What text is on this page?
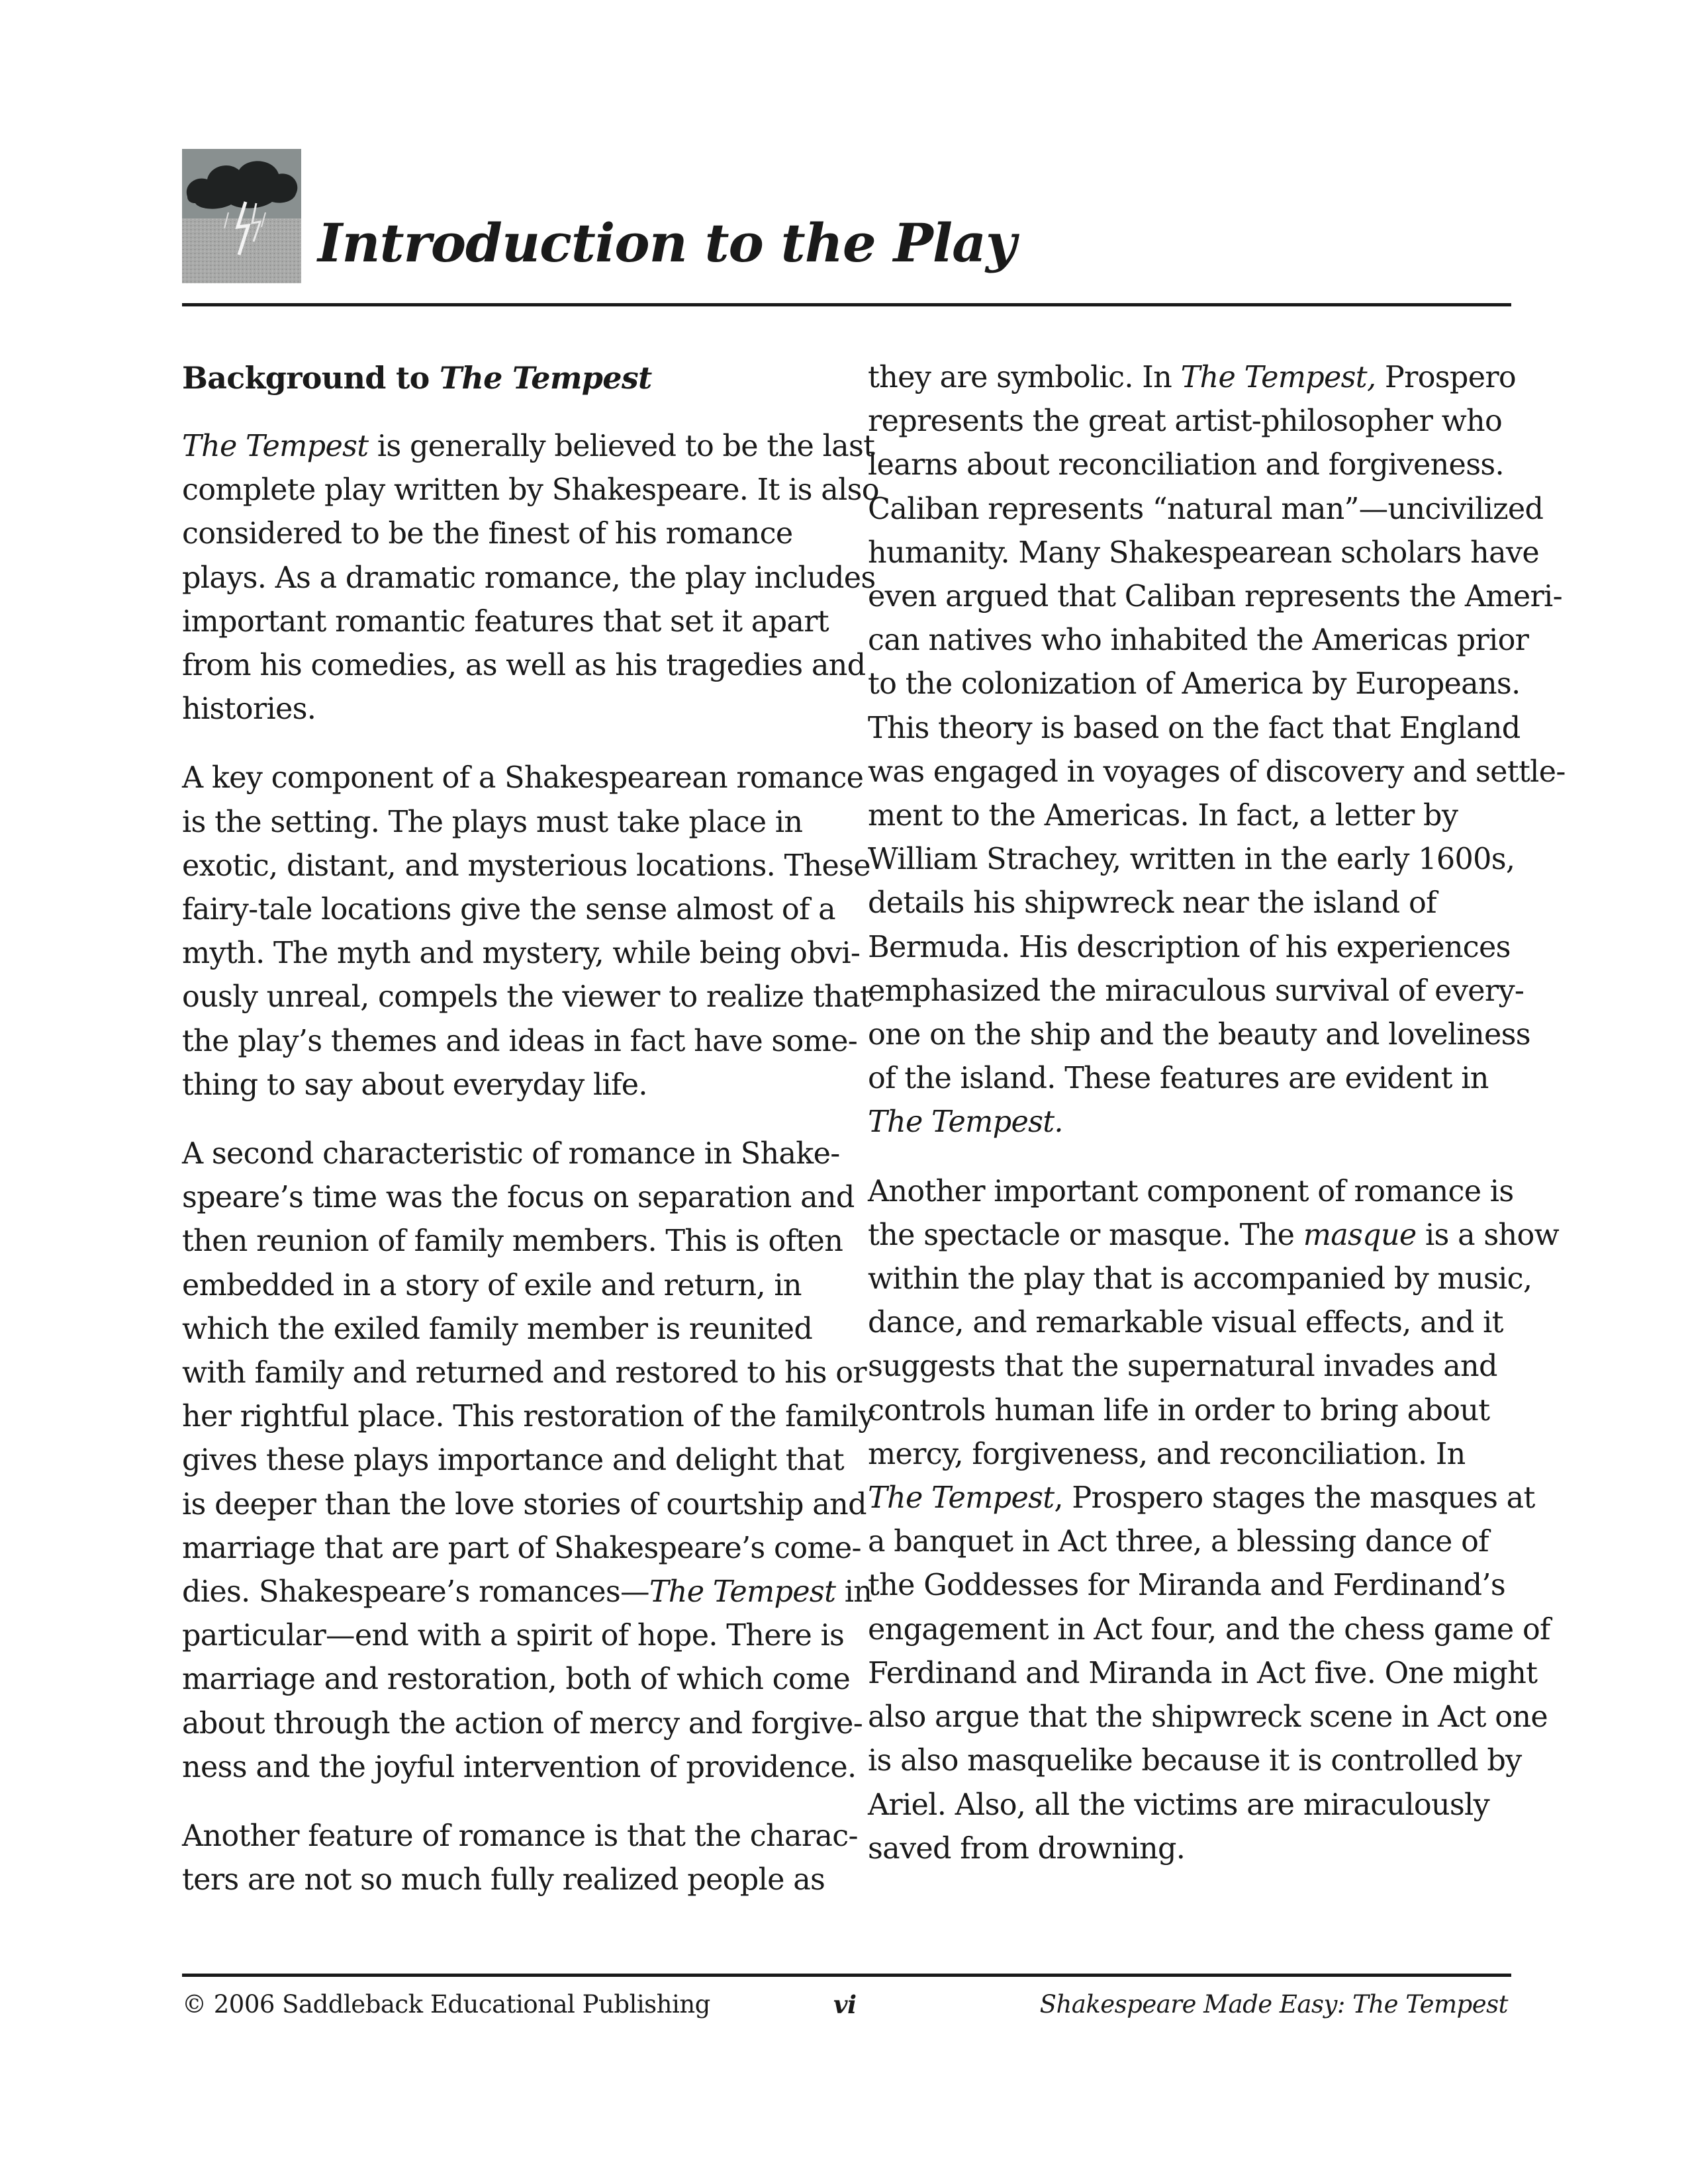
Introduction to the Play
Background to The Tempest
The Tempest is generally believed to be the last
complete play written by Shakespeare. It is also
considered to be the finest of his romance
plays. As a dramatic romance, the play includes
important romantic features that set it apart
from his comedies, as well as his tragedies and
histories.
A key component of a Shakespearean romance
is the setting. The plays must take place in
exotic, distant, and mysterious locations. These
fairy-tale locations give the sense almost of a
myth. The myth and mystery, while being obvi-
ously unreal, compels the viewer to realize that
the play’s themes and ideas in fact have some-
thing to say about everyday life.
A second characteristic of romance in Shake-
speare’s time was the focus on separation and
then reunion of family members. This is often
embedded in a story of exile and return, in
which the exiled family member is reunited
with family and returned and restored to his or
her rightful place. This restoration of the family
gives these plays importance and delight that
is deeper than the love stories of courtship and
marriage that are part of Shakespeare’s come-
dies. Shakespeare’s romances—The Tempest in
particular—end with a spirit of hope. There is
marriage and restoration, both of which come
about through the action of mercy and forgive-
ness and the joyful intervention of providence.
Another feature of romance is that the charac-
ters are not so much fully realized people as
they are symbolic. In The Tempest, Prospero
represents the great artist-philosopher who
learns about reconciliation and forgiveness.
Caliban represents “natural man”—uncivilized
humanity. Many Shakespearean scholars have
even argued that Caliban represents the Ameri-
can natives who inhabited the Americas prior
to the colonization of America by Europeans.
This theory is based on the fact that England
was engaged in voyages of discovery and settle-
ment to the Americas. In fact, a letter by
William Strachey, written in the early 1600s,
details his shipwreck near the island of
Bermuda. His description of his experiences
emphasized the miraculous survival of every-
one on the ship and the beauty and loveliness
of the island. These features are evident in
The Tempest.
Another important component of romance is
the spectacle or masque. The masque is a show
within the play that is accompanied by music,
dance, and remarkable visual effects, and it
suggests that the supernatural invades and
controls human life in order to bring about
mercy, forgiveness, and reconciliation. In
The Tempest, Prospero stages the masques at
a banquet in Act three, a blessing dance of
the Goddesses for Miranda and Ferdinand’s
engagement in Act four, and the chess game of
Ferdinand and Miranda in Act five. One might
also argue that the shipwreck scene in Act one
is also masquelike because it is controlled by
Ariel. Also, all the victims are miraculously
saved from drowning.
© 2006 Saddleback Educational Publishing	vi	Shakespeare Made Easy: The Tempest
